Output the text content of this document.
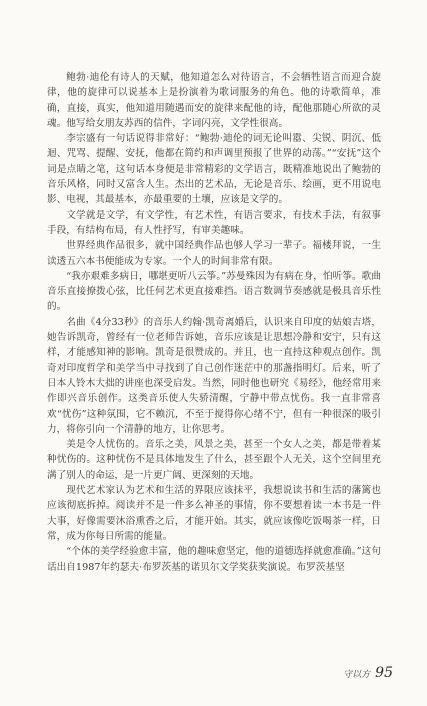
鲍勃·迪伦有诗人的天赋，他知道怎么对待语言，不会牺牲语言而迎合旋律，他的旋律可以说基本上是扮演着为歌词服务的角色。他的诗歌简单，准确，直接，真实，他知道用随遇而安的旋律来配他的诗，配他那随心所欲的灵魂。他写给女朋友苏西的信件，字词闪亮，文学性很高。

李宗盛有一句话说得非常好：“鲍勃·迪伦的词无论叫嚣、尖锐、阴沉、低迴、咒骂、提醒、安抚，他都在简约和声调里预报了世界的动荡。”“安抚”这个词是点睛之笔，这句话本身便是非常精彩的文学语言，既精准地说出了鲍勃的音乐风格，同时又富含人生。杰出的艺术品，无论是音乐、绘画，更不用说电影、电视，其最基本，亦最重要的土壤，应该是文学的。

文学就是文学，有文学性，有艺术性，有语言要求，有技术手法，有叙事手段，有结构布局，有人性抒写，有审美趣味。

世界经典作品很多，就中国经典作品也够人学习一辈子。福楼拜说，一生读透五六本书便能成为专家。一个人的时间非常有限。

“我亦艰难多病日，哪堪更听八云筝。”苏曼殊因为有病在身，怕听筝。歌曲音乐直接撩拨心弦，比任何艺术更直接难挡。语言数调节奏感就是极具音乐性的。

名曲《4分33秒》的音乐人约翰·凯奇离婚后，认识来自印度的姑娘吉塔，她告诉凯奇，曾经有一位老师告诉她，音乐应该是让思想冷静和安宁，只有这样，才能感知神的影响。凯奇是很赞成的。并且，也一直持这种观点创作。凯奇对印度哲学和美学当中寻找到了自己创作迷茫中的那盏指明灯。后来，听了日本人铃木大拙的讲座也深受启发。当然，同时他也研究《易经》，他经常用来作即兴音乐创作。这类音乐使人失骄清醒，宁静中带点忧伤。我一直非常喜欢“忧伤”这种氛围，它不赖沉，不至于搅得你心绪不宁，但有一种很深的吸引力，将你引向一个清静的地方，让你思考。

美是令人忧伤的。音乐之美，风景之美，甚至一个女人之美，都是带着某种忧伤的。这种忧伤不是具体地发生了什么，甚至跟个人无关，这个空间里充满了别人的命运，是一片更广阔、更深刻的天地。

现代艺术家认为艺术和生活的界限应该抹平，我想说读书和生活的藩篱也应该彻底拆掉。阅读并不是一件多么神圣的事情，你不要想着读一本书是一件大事，好像需要沐浴熏香之后，才能开始。其实，就应该像吃饭喝茶一样，日常，成为你每日所需的能量。

“个体的美学经验愈丰富，他的趣味愈坚定，他的道德选择就愈准确。”这句话出自1987年约瑟夫·布罗茨基的诺贝尔文学奖获奖演说。布罗茨基坚

守以方 95
